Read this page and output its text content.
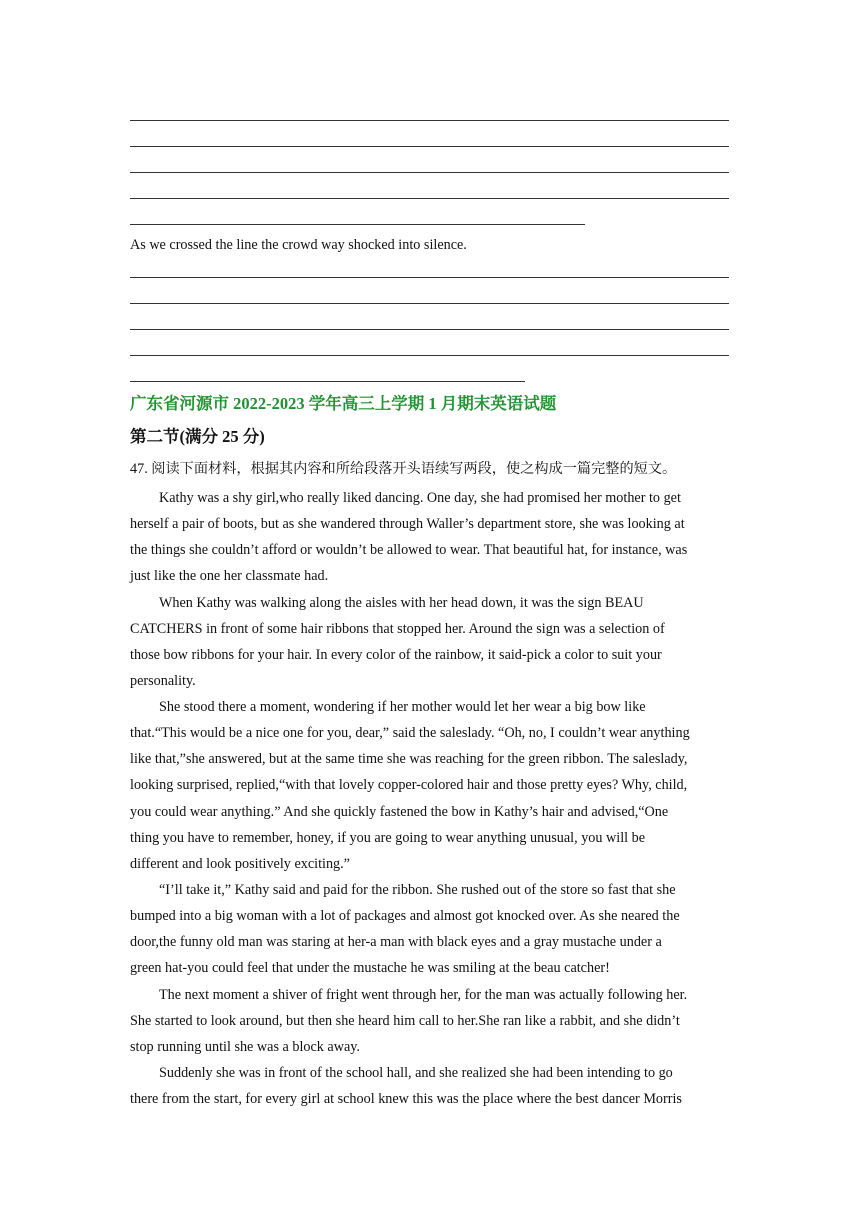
As we crossed the line the crowd way shocked into silence.
广东省河源市 2022-2023 学年高三上学期 1 月期末英语试题
第二节(满分 25 分)
47. 阅读下面材料，根据其内容和所给段落开头语续写两段，使之构成一篇完整的短文。
Kathy was a shy girl,who really liked dancing. One day, she had promised her mother to get
herself a pair of boots, but as she wandered through Waller’s department store, she was looking at
the things she couldn’t afford or wouldn’t be allowed to wear. That beautiful hat, for instance, was
just like the one her classmate had.
When Kathy was walking along the aisles with her head down, it was the sign BEAU
CATCHERS in front of some hair ribbons that stopped her. Around the sign was a selection of
those bow ribbons for your hair. In every color of the rainbow, it said-pick a color to suit your
personality.
She stood there a moment, wondering if her mother would let her wear a big bow like
that.“This would be a nice one for you, dear,” said the saleslady. “Oh, no, I couldn’t wear anything
like that,”she answered, but at the same time she was reaching for the green ribbon. The saleslady,
looking surprised, replied,“with that lovely copper-colored hair and those pretty eyes? Why, child,
you could wear anything.” And she quickly fastened the bow in Kathy’s hair and advised,“One
thing you have to remember, honey, if you are going to wear anything unusual, you will be
different and look positively exciting.”
“I’ll take it,” Kathy said and paid for the ribbon. She rushed out of the store so fast that she
bumped into a big woman with a lot of packages and almost got knocked over. As she neared the
door,the funny old man was staring at her-a man with black eyes and a gray mustache under a
green hat-you could feel that under the mustache he was smiling at the beau catcher!
The next moment a shiver of fright went through her, for the man was actually following her.
She started to look around, but then she heard him call to her.She ran like a rabbit, and she didn’t
stop running until she was a block away.
Suddenly she was in front of the school hall, and she realized she had been intending to go
there from the start, for every girl at school knew this was the place where the best dancer Morris
